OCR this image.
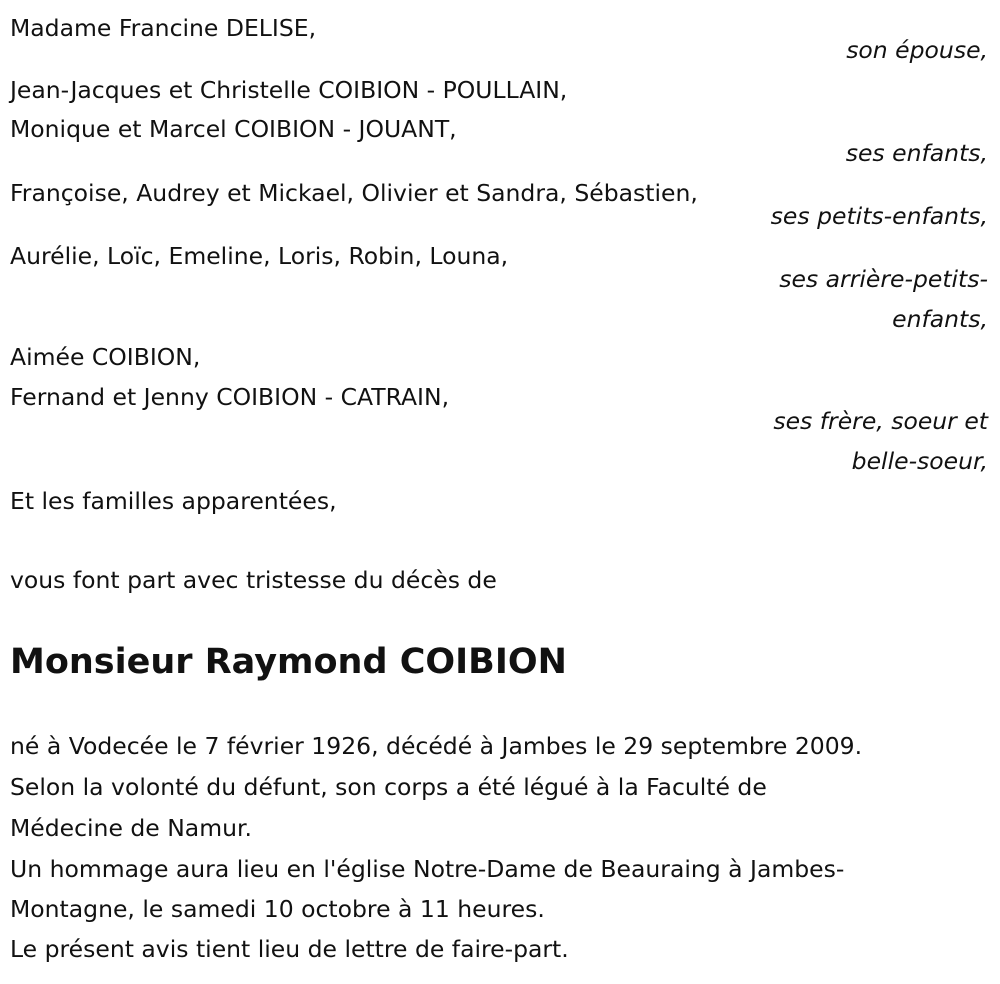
Madame Francine DELISE,
son épouse,
Jean-Jacques et Christelle COIBION - POULLAIN,
Monique et Marcel COIBION - JOUANT,
ses enfants,
Françoise, Audrey et Mickael, Olivier et Sandra, Sébastien,
ses petits-enfants,
Aurélie, Loïc, Emeline, Loris, Robin, Louna,
ses arrière-petits-
enfants,
Aimée COIBION,
Fernand et Jenny COIBION - CATRAIN,
ses frère, soeur et
belle-soeur,
Et les familles apparentées,
vous font part avec tristesse du décès de
Monsieur Raymond COIBION
né à Vodecée le 7 février 1926, décédé à Jambes le 29 septembre 2009.
Selon la volonté du défunt, son corps a été légué à la Faculté de
Médecine de Namur.
Un hommage aura lieu en l'église Notre-Dame de Beauraing à Jambes-
Montagne, le samedi 10 octobre à 11 heures.
Le présent avis tient lieu de lettre de faire-part.
